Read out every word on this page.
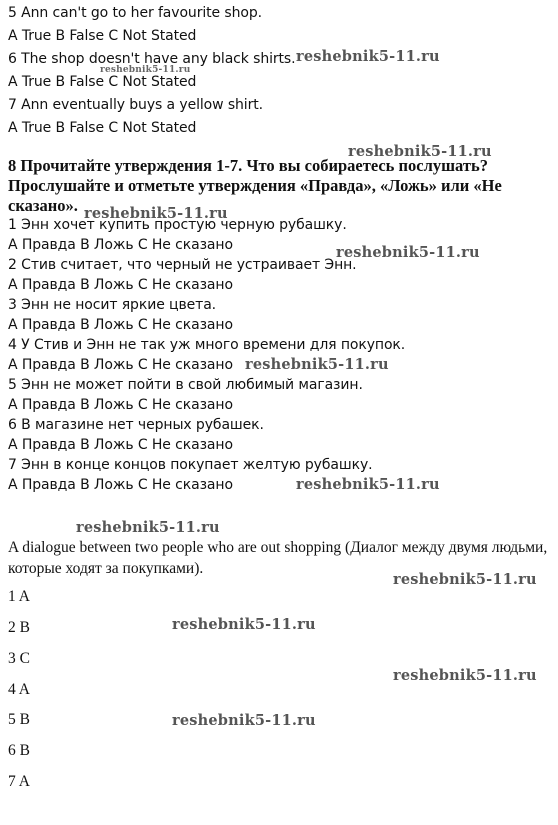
5 Ann can't go to her favourite shop.
A True B False C Not Stated
6 The shop doesn't have any black shirts.
A True B False C Not Stated
7 Ann eventually buys a yellow shirt.
A True B False C Not Stated
8 Прочитайте утверждения 1-7. Что вы собираетесь послушать? Прослушайте и отметьте утверждения «Правда», «Ложь» или «Не сказано».
1 Энн хочет купить простую черную рубашку.
A Правда B Ложь C Не сказано
2 Стив считает, что черный не устраивает Энн.
A Правда B Ложь C Не сказано
3 Энн не носит яркие цвета.
A Правда B Ложь C Не сказано
4 У Стив и Энн не так уж много времени для покупок.
A Правда B Ложь C Не сказано
5 Энн не может пойти в свой любимый магазин.
A Правда B Ложь C Не сказано
6 В магазине нет черных рубашек.
A Правда B Ложь C Не сказано
7 Энн в конце концов покупает желтую рубашку.
A Правда B Ложь C Не сказано
A dialogue between two people who are out shopping (Диалог между двумя людьми, которые ходят за покупками).
1 A
2 B
3 C
4 A
5 B
6 B
7 A
reshebnik5-11.ru
reshebnik5-11.ru
reshebnik5-11.ru
reshebnik5-11.ru
reshebnik5-11.ru
reshebnik5-11.ru
reshebnik5-11.ru
reshebnik5-11.ru
reshebnik5-11.ru
reshebnik5-11.ru
reshebnik5-11.ru
reshebnik5-11.ru
